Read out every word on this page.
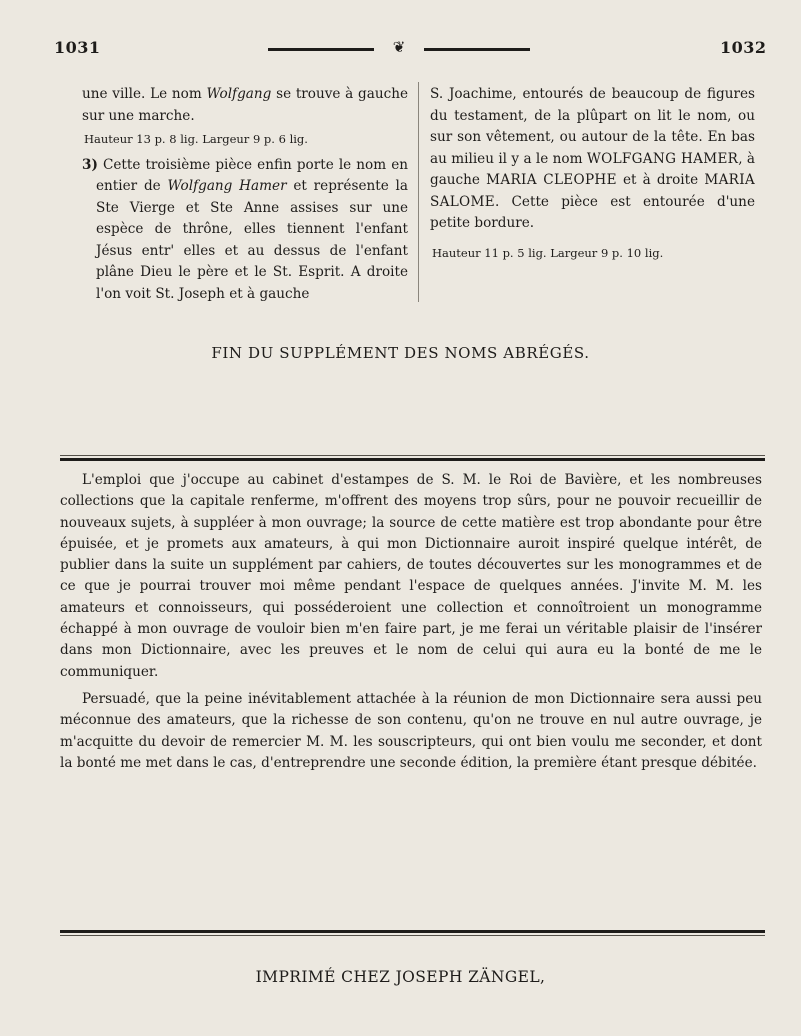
1031	❦	1032

une ville. Le nom Wolfgang se trouve à gauche sur une marche.

Hauteur 13 p. 8 lig. Largeur 9 p. 6 lig.

3) Cette troisième pièce enfin porte le nom en entier de Wolfgang Hamer et représente la Ste Vierge et Ste Anne assises sur une espèce de thrône, elles tiennent l'enfant Jésus entr' elles et au dessus de l'enfant plâne Dieu le père et le St. Esprit. A droite l'on voit St. Joseph et à gauche

S. Joachime, entourés de beaucoup de figures du testament, de la plûpart on lit le nom, ou sur son vêtement, ou autour de la tête. En bas au milieu il y a le nom WOLFGANG HAMER, à gauche MARIA CLEOPHE et à droite MARIA SALOME. Cette pièce est entourée d'une petite bordure.

Hauteur 11 p. 5 lig. Largeur 9 p. 10 lig.

FIN DU SUPPLÉMENT DES NOMS ABRÉGÉS.

L'emploi que j'occupe au cabinet d'estampes de S. M. le Roi de Bavière, et les nombreuses collections que la capitale renferme, m'offrent des moyens trop sûrs, pour ne pouvoir recueillir de nouveaux sujets, à suppléer à mon ouvrage; la source de cette matière est trop abondante pour être épuisée, et je promets aux amateurs, à qui mon Dictionnaire auroit inspiré quelque intérêt, de publier dans la suite un supplément par cahiers, de toutes découvertes sur les monogrammes et de ce que je pourrai trouver moi même pendant l'espace de quelques années. J'invite M. M. les amateurs et connoisseurs, qui posséderoient une collection et connoîtroient un monogramme échappé à mon ouvrage de vouloir bien m'en faire part, je me ferai un véritable plaisir de l'insérer dans mon Dictionnaire, avec les preuves et le nom de celui qui aura eu la bonté de me le communiquer.

Persuadé, que la peine inévitablement attachée à la réunion de mon Dictionnaire sera aussi peu méconnue des amateurs, que la richesse de son contenu, qu'on ne trouve en nul autre ouvrage, je m'acquitte du devoir de remercier M. M. les souscripteurs, qui ont bien voulu me seconder, et dont la bonté me met dans le cas, d'entreprendre une seconde édition, la première étant presque débitée.

IMPRIMÉ CHEZ JOSEPH ZÄNGEL,
